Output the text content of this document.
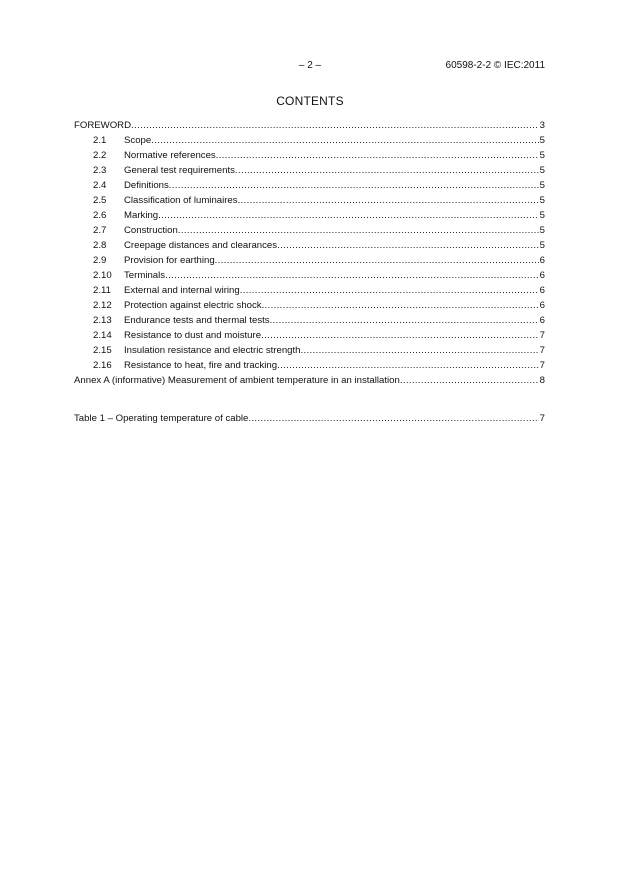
– 2 –	60598-2-2 © IEC:2011
CONTENTS
FOREWORD .....	3
2.1	Scope .....	5
2.2	Normative references .....	5
2.3	General test requirements .....	5
2.4	Definitions .....	5
2.5	Classification of luminaires .....	5
2.6	Marking .....	5
2.7	Construction .....	5
2.8	Creepage distances and clearances .....	5
2.9	Provision for earthing .....	6
2.10	Terminals .....	6
2.11	External and internal wiring .....	6
2.12	Protection against electric shock .....	6
2.13	Endurance tests and thermal tests .....	6
2.14	Resistance to dust and moisture .....	7
2.15	Insulation resistance and electric strength .....	7
2.16	Resistance to heat, fire and tracking .....	7
Annex A (informative) Measurement of ambient temperature in an installation .....	8
Table 1 – Operating temperature of cable .....	7
